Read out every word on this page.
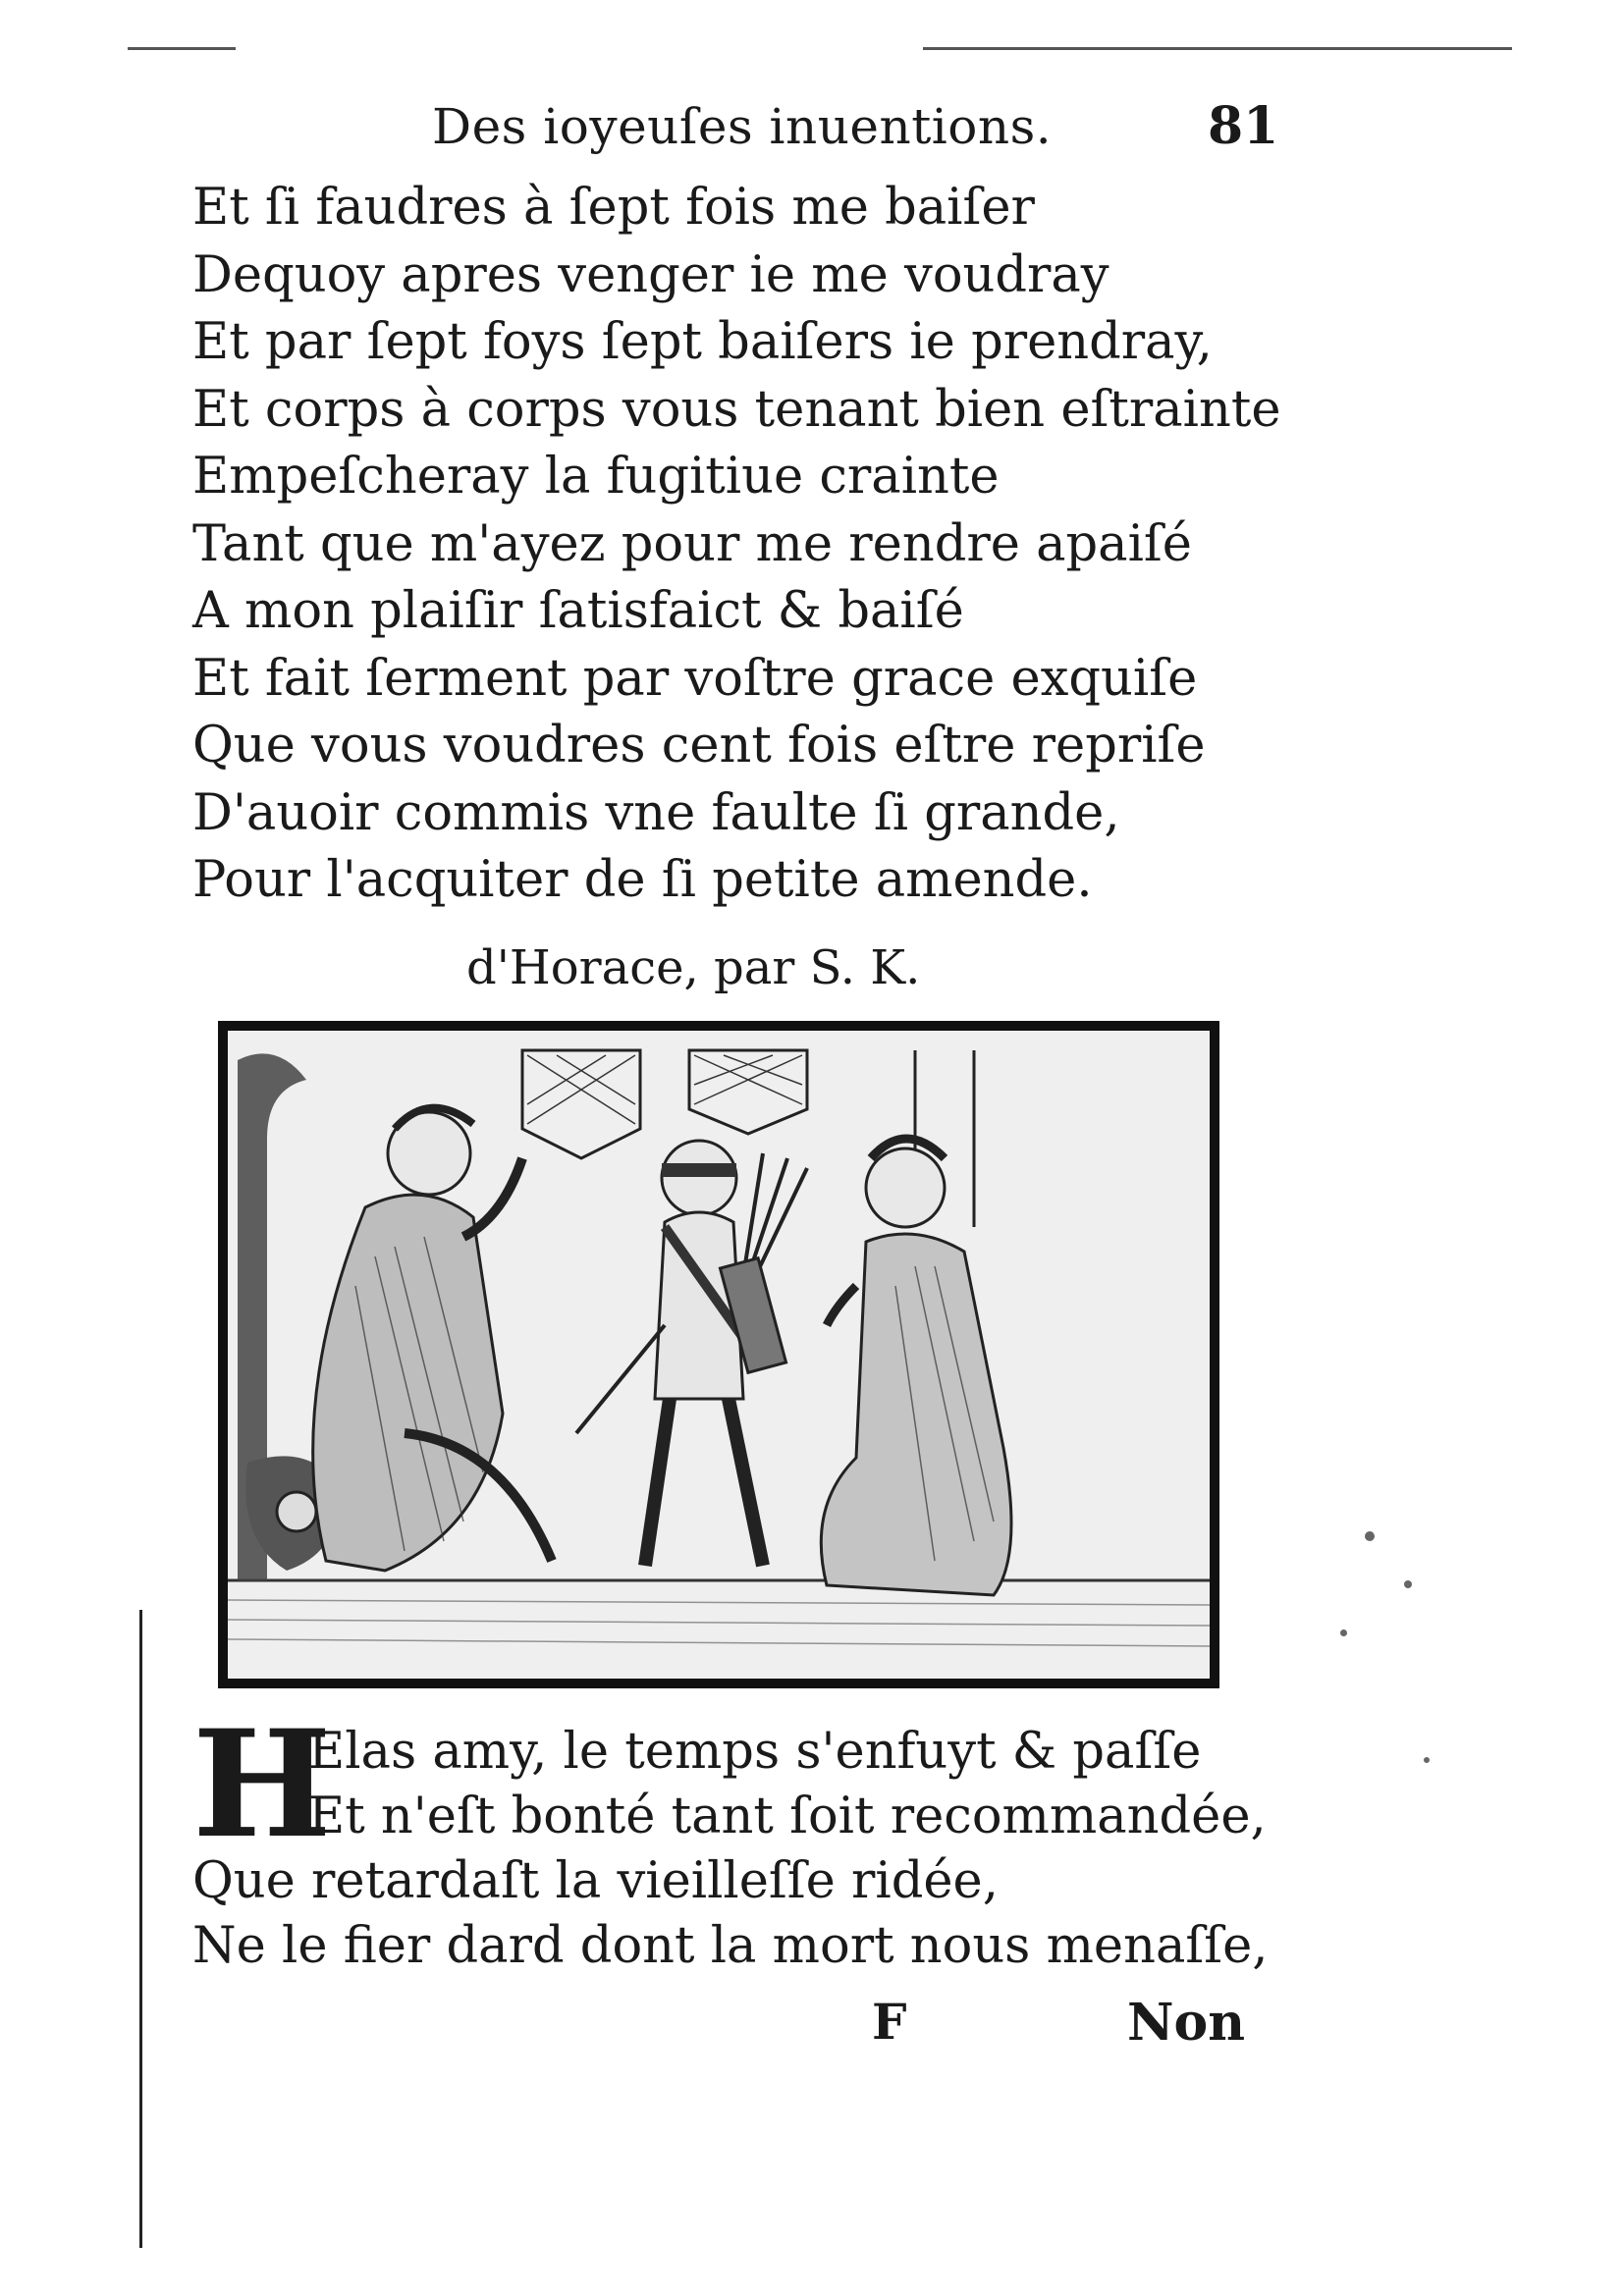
Des ioyeuſes inuentions.	81
Et ſi faudres à ſept fois me baiſer
Dequoy apres venger ie me voudray
Et par ſept foys ſept baiſers ie prendray,
Et corps à corps vous tenant bien eſtrainte
Empeſcheray la fugitiue crainte
Tant que m'ayez pour me rendre apaiſé
A mon plaiſir ſatisfaict & baiſé
Et fait ſerment par voſtre grace exquiſe
Que vous voudres cent fois eſtre repriſe
D'auoir commis vne faulte ſi grande,
Pour l'acquiter de ſi petite amende.
d'Horace, par S. K.
H
Elas amy, le temps s'enfuyt & paſſe
Et n'eſt bonté tant ſoit recommandée,
Que retardaſt la vieilleſſe ridée,
Ne le fier dard dont la mort nous menaſſe,
F	Non
